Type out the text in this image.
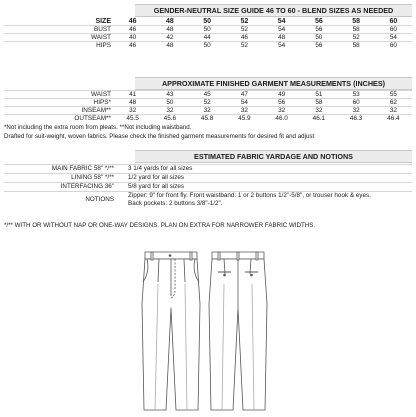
GENDER-NEUTRAL SIZE GUIDE 46 TO 60 - BLEND SIZES AS NEEDED
SIZE	46	48	50	52	54	56	58	60
BUST	46	48	50	52	54	56	58	60
WAIST	40	42	44	46	48	50	52	54
HIPS	46	48	50	52	54	56	58	60
APPROXIMATE FINISHED GARMENT MEASUREMENTS (INCHES)
WAIST	41	43	45	47	49	51	53	55
HIPS*	48	50	52	54	56	58	60	62
INSEAM**	32	32	32	32	32	32	32	32
OUTSEAM**	45.5	45.6	45.8	45.9	46.0	46.1	46.3	46.4
*Not including the extra room from pleats. **Not including waistband.
Drafted for suit-weight, woven fabrics. Please check the finished garment measurements for desired fit and adjust
ESTIMATED FABRIC YARDAGE AND NOTIONS
MAIN FABRIC 58" */**	3 1/4 yards for all sizes
LINING 58" */**	1/2 yard for all sizes
INTERFACING 36"	5/8 yard for all sizes
NOTIONS	Zipper: 9" for front fly. Front waistband: 1 or 2 buttons 1/2"-5/8", or trouser hook & eyes.
Back pockets: 2 buttons 3/8"-1/2".
*/** WITH OR WITHOUT NAP OR ONE-WAY DESIGNS. PLAN ON EXTRA FOR NARROWER FABRIC WIDTHS.
